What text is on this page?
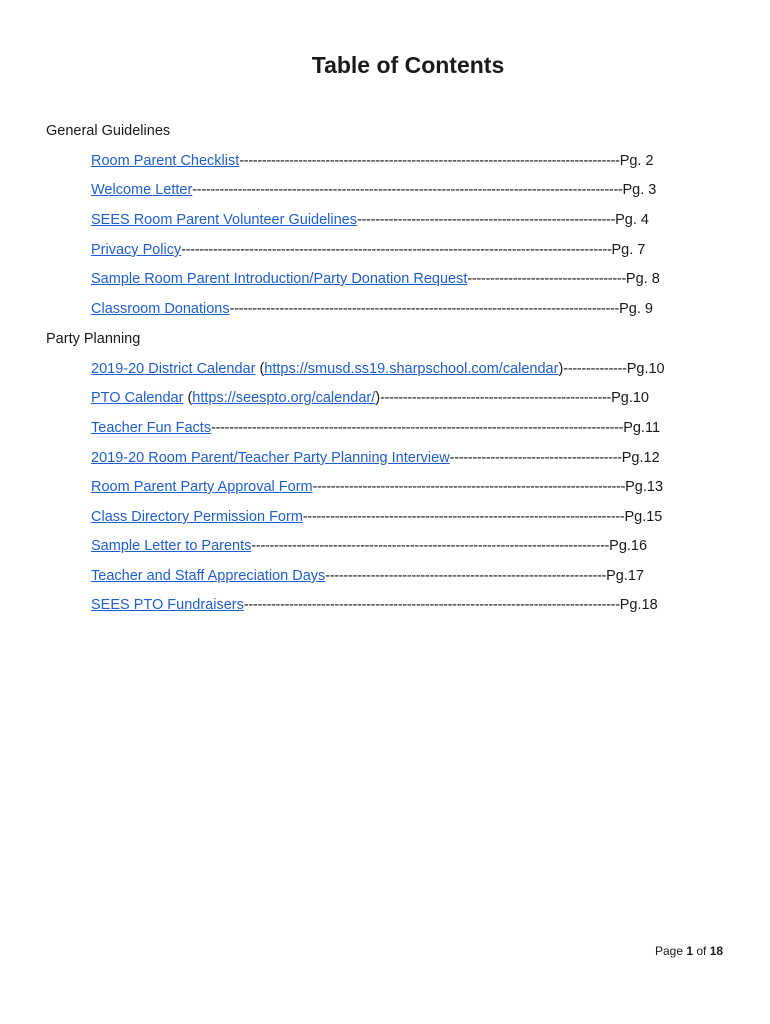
Table of Contents
General Guidelines
Room Parent Checklist------------------------------------------------------------------------------------Pg. 2
Welcome Letter-----------------------------------------------------------------------------------------------Pg. 3
SEES Room Parent Volunteer Guidelines---------------------------------------------------------Pg. 4
Privacy Policy-----------------------------------------------------------------------------------------------Pg. 7
Sample Room Parent Introduction/Party Donation Request-----------------------------------Pg. 8
Classroom Donations--------------------------------------------------------------------------------------Pg. 9
Party Planning
2019-20 District Calendar (https://smusd.ss19.sharpschool.com/calendar)--------------Pg.10
PTO Calendar (https://seespto.org/calendar/)---------------------------------------------------Pg.10
Teacher Fun Facts-------------------------------------------------------------------------------------------Pg.11
2019-20 Room Parent/Teacher Party Planning Interview--------------------------------------Pg.12
Room Parent Party Approval Form---------------------------------------------------------------------Pg.13
Class Directory Permission Form-----------------------------------------------------------------------Pg.15
Sample Letter to Parents-------------------------------------------------------------------------------Pg.16
Teacher and Staff Appreciation Days--------------------------------------------------------------Pg.17
SEES PTO Fundraisers-----------------------------------------------------------------------------------Pg.18
Page 1 of 18
